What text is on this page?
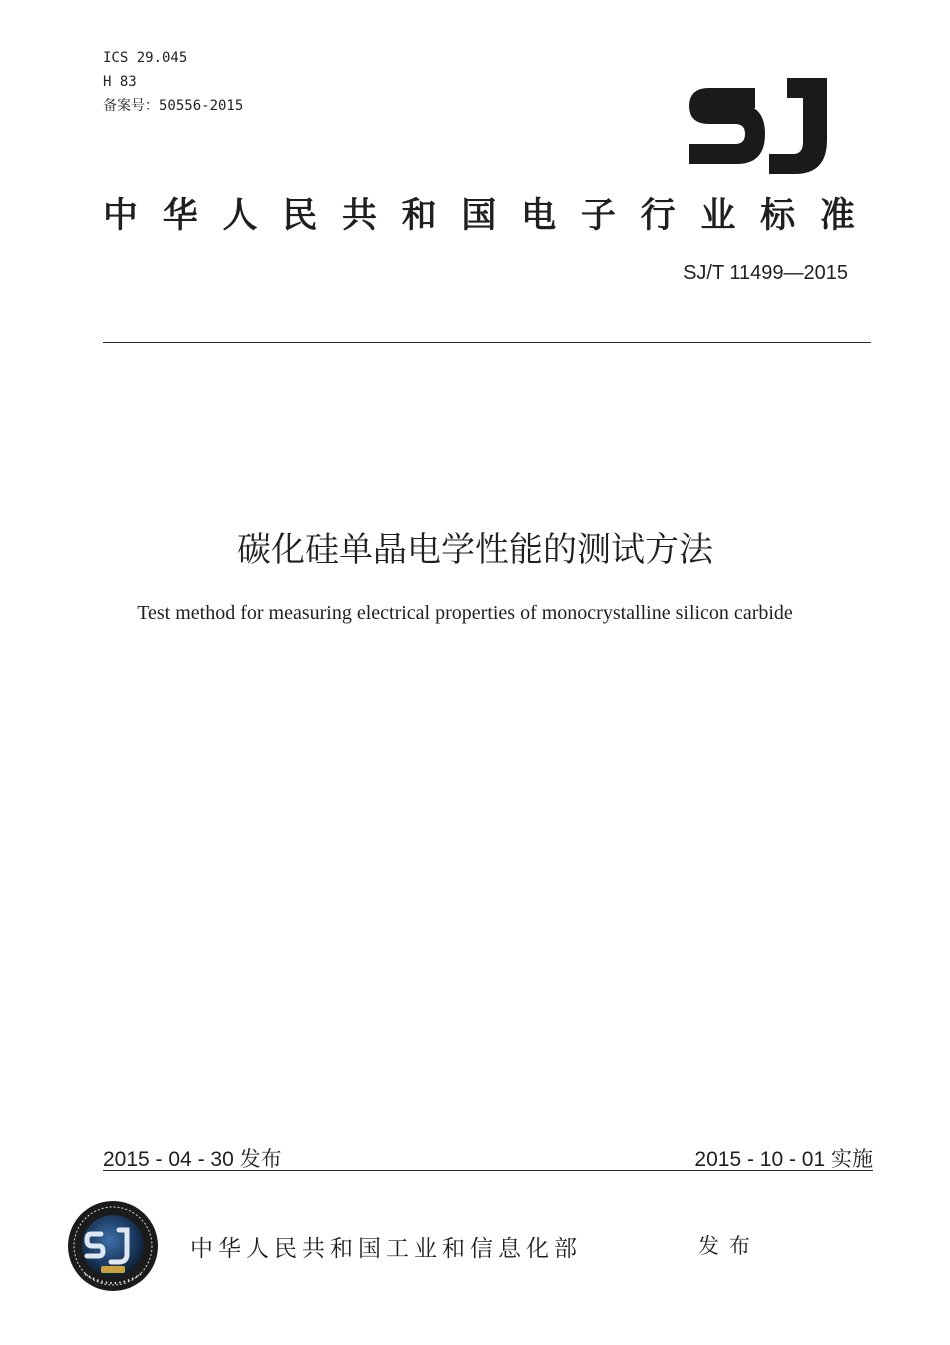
ICS 29.045
H 83
备案号：50556-2015
中 华 人 民 共 和 国 电 子 行 业 标 准
SJ/T 11499—2015
碳化硅单晶电学性能的测试方法
Test method for measuring electrical properties of monocrystalline silicon carbide
2015 - 04 - 30 发布	2015 - 10 - 01 实施
中华人民共和国工业和信息化部	发布
